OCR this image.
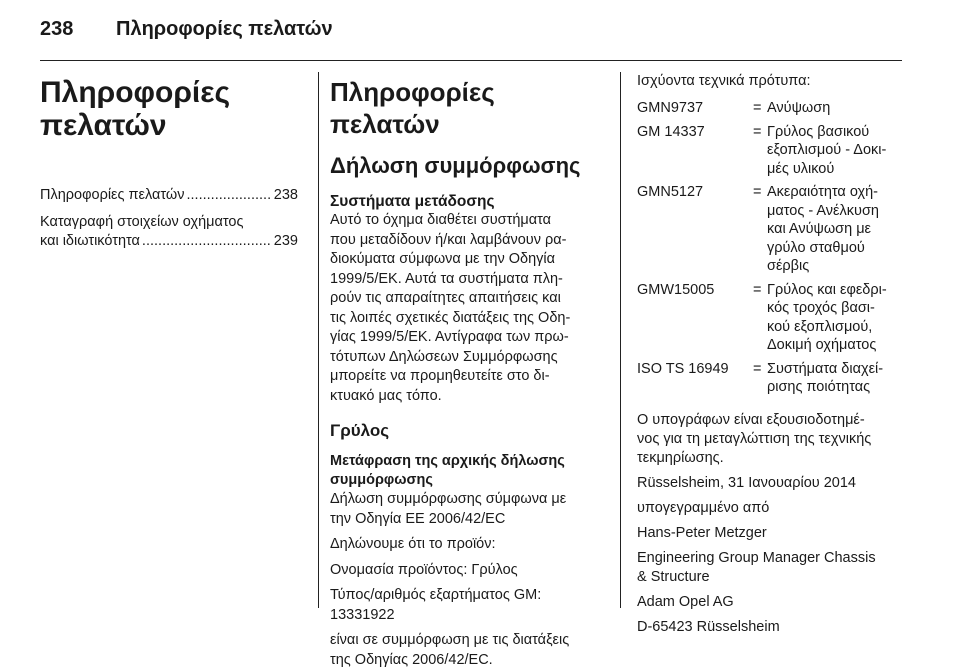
238	Πληροφορίες πελατών
Πληροφορίες
πελατών
Πληροφορίες πελατών .....	238
Καταγραφή στοιχείων οχήματος
και ιδιωτικότητα .....	239
Πληροφορίες πελατών
Δήλωση συμμόρφωσης
Συστήματα μετάδοσης
Αυτό το όχημα διαθέτει συστήματα
που μεταδίδουν ή/και λαμβάνουν ρα-
διοκύματα σύμφωνα με την Οδηγία
1999/5/ΕΚ. Αυτά τα συστήματα πλη-
ρούν τις απαραίτητες απαιτήσεις και
τις λοιπές σχετικές διατάξεις της Οδη-
γίας 1999/5/ΕΚ. Αντίγραφα των πρω-
τότυπων Δηλώσεων Συμμόρφωσης
μπορείτε να προμηθευτείτε στο δι-
κτυακό μας τόπο.
Γρύλος
Μετάφραση της αρχικής δήλωσης
συμμόρφωσης
Δήλωση συμμόρφωσης σύμφωνα με
την Οδηγία ΕΕ 2006/42/EC
Δηλώνουμε ότι το προϊόν:
Ονομασία προϊόντος: Γρύλος
Τύπος/αριθμός εξαρτήματος GM:
13331922
είναι σε συμμόρφωση με τις διατάξεις
της Οδηγίας 2006/42/EC.
Ισχύοντα τεχνικά πρότυπα:
GMN9737	= Ανύψωση
GM 14337	= Γρύλος βασικού
εξοπλισμού - Δοκι-
μές υλικού
GMN5127	= Ακεραιότητα οχή-
ματος - Ανέλκυση
και Ανύψωση με
γρύλο σταθμού
σέρβις
GMW15005	= Γρύλος και εφεδρι-
κός τροχός βασι-
κού εξοπλισμού,
Δοκιμή οχήματος
ISO TS 16949	= Συστήματα διαχεί-
ρισης ποιότητας
Ο υπογράφων είναι εξουσιοδοτημέ-
νος για τη μεταγλώττιση της τεχνικής
τεκμηρίωσης.
Rüsselsheim, 31 Ιανουαρίου 2014
υπογεγραμμένο από
Hans-Peter Metzger
Engineering Group Manager Chassis
& Structure
Adam Opel AG
D-65423 Rüsselsheim
